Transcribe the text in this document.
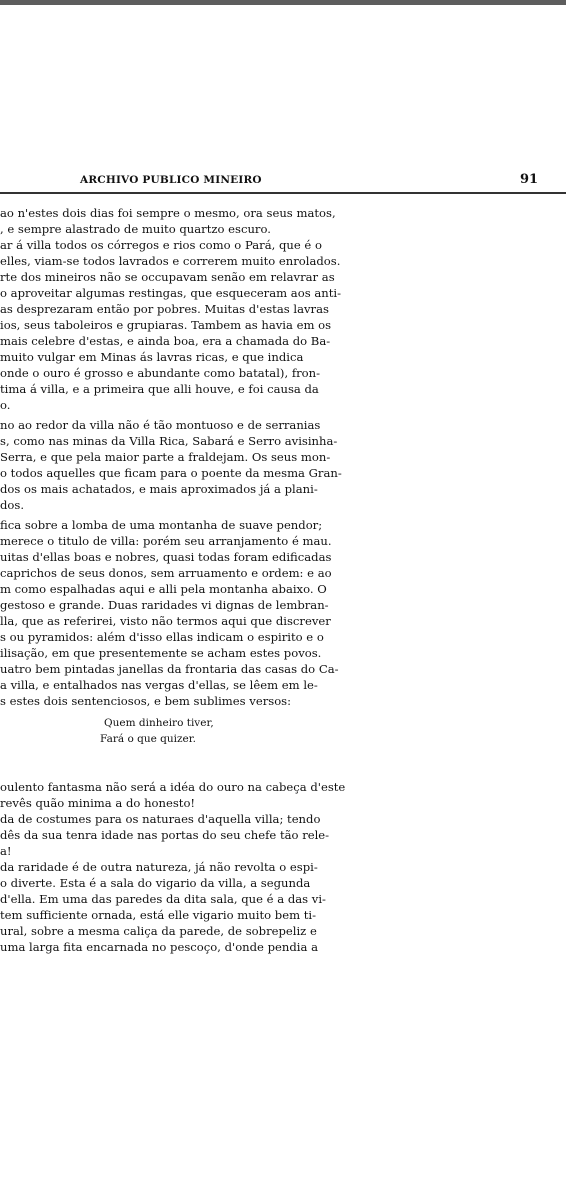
ARCHIVO PUBLICO MINEIRO	91
ao n'estes dois dias foi sempre o mesmo, ora seus matos,
, e sempre alastrado de muito quartzo escuro.
ar á villa todos os córregos e rios como o Pará, que é o
elles, viam-se todos lavrados e correrem muito enrolados.
rte dos mineiros não se occupavam senão em relavrar as
o aproveitar algumas restingas, que esqueceram aos anti-
as desprezaram então por pobres. Muitas d'estas lavras
ios, seus taboleiros e grupiaras. Tambem as havia em os
mais celebre d'estas, e ainda boa, era a chamada do Ba-
muito vulgar em Minas ás lavras ricas, e que indica
onde o ouro é grosso e abundante como batatal), fron-
tima á villa, e a primeira que alli houve, e foi causa da
o.
no ao redor da villa não é tão montuoso e de serranias
s, como nas minas da Villa Rica, Sabará e Serro avisinha-
Serra, e que pela maior parte a fraldejam. Os seus mon-
o todos aquelles que ficam para o poente da mesma Gran-
dos os mais achatados, e mais aproximados já a plani-
dos.
fica sobre a lomba de uma montanha de suave pendor;
merece o titulo de villa: porém seu arranjamento é mau.
uitas d'ellas boas e nobres, quasi todas foram edificadas
caprichos de seus donos, sem arruamento e ordem: e ao
m como espalhadas aqui e alli pela montanha abaixo. O
gestoso e grande. Duas raridades vi dignas de lembran-
lla, que as referirei, visto não termos aqui que discrever
s ou pyramidos: além d'isso ellas indicam o espirito e o
ilisação, em que presentemente se acham estes povos.
uatro bem pintadas janellas da frontaria das casas do Ca-
a villa, e entalhados nas vergas d'ellas, se lêem em le-
s estes dois sentenciosos, e bem sublimes versos:
oulento fantasma não será a idéa do ouro na cabeça d'este
revês quão minima a do honesto!
da de costumes para os naturaes d'aquella villa; tendo
dês da sua tenra idade nas portas do seu chefe tão rele-
a!
da raridade é de outra natureza, já não revolta o espi-
o diverte. Esta é a sala do vigario da villa, a segunda
d'ella. Em uma das paredes da dita sala, que é a das vi-
tem sufficiente ornada, está elle vigario muito bem ti-
ural, sobre a mesma caliça da parede, de sobrepeliz e
uma larga fita encarnada no pescoço, d'onde pendia a
Quem dinheiro tiver,
Fará o que quizer.
